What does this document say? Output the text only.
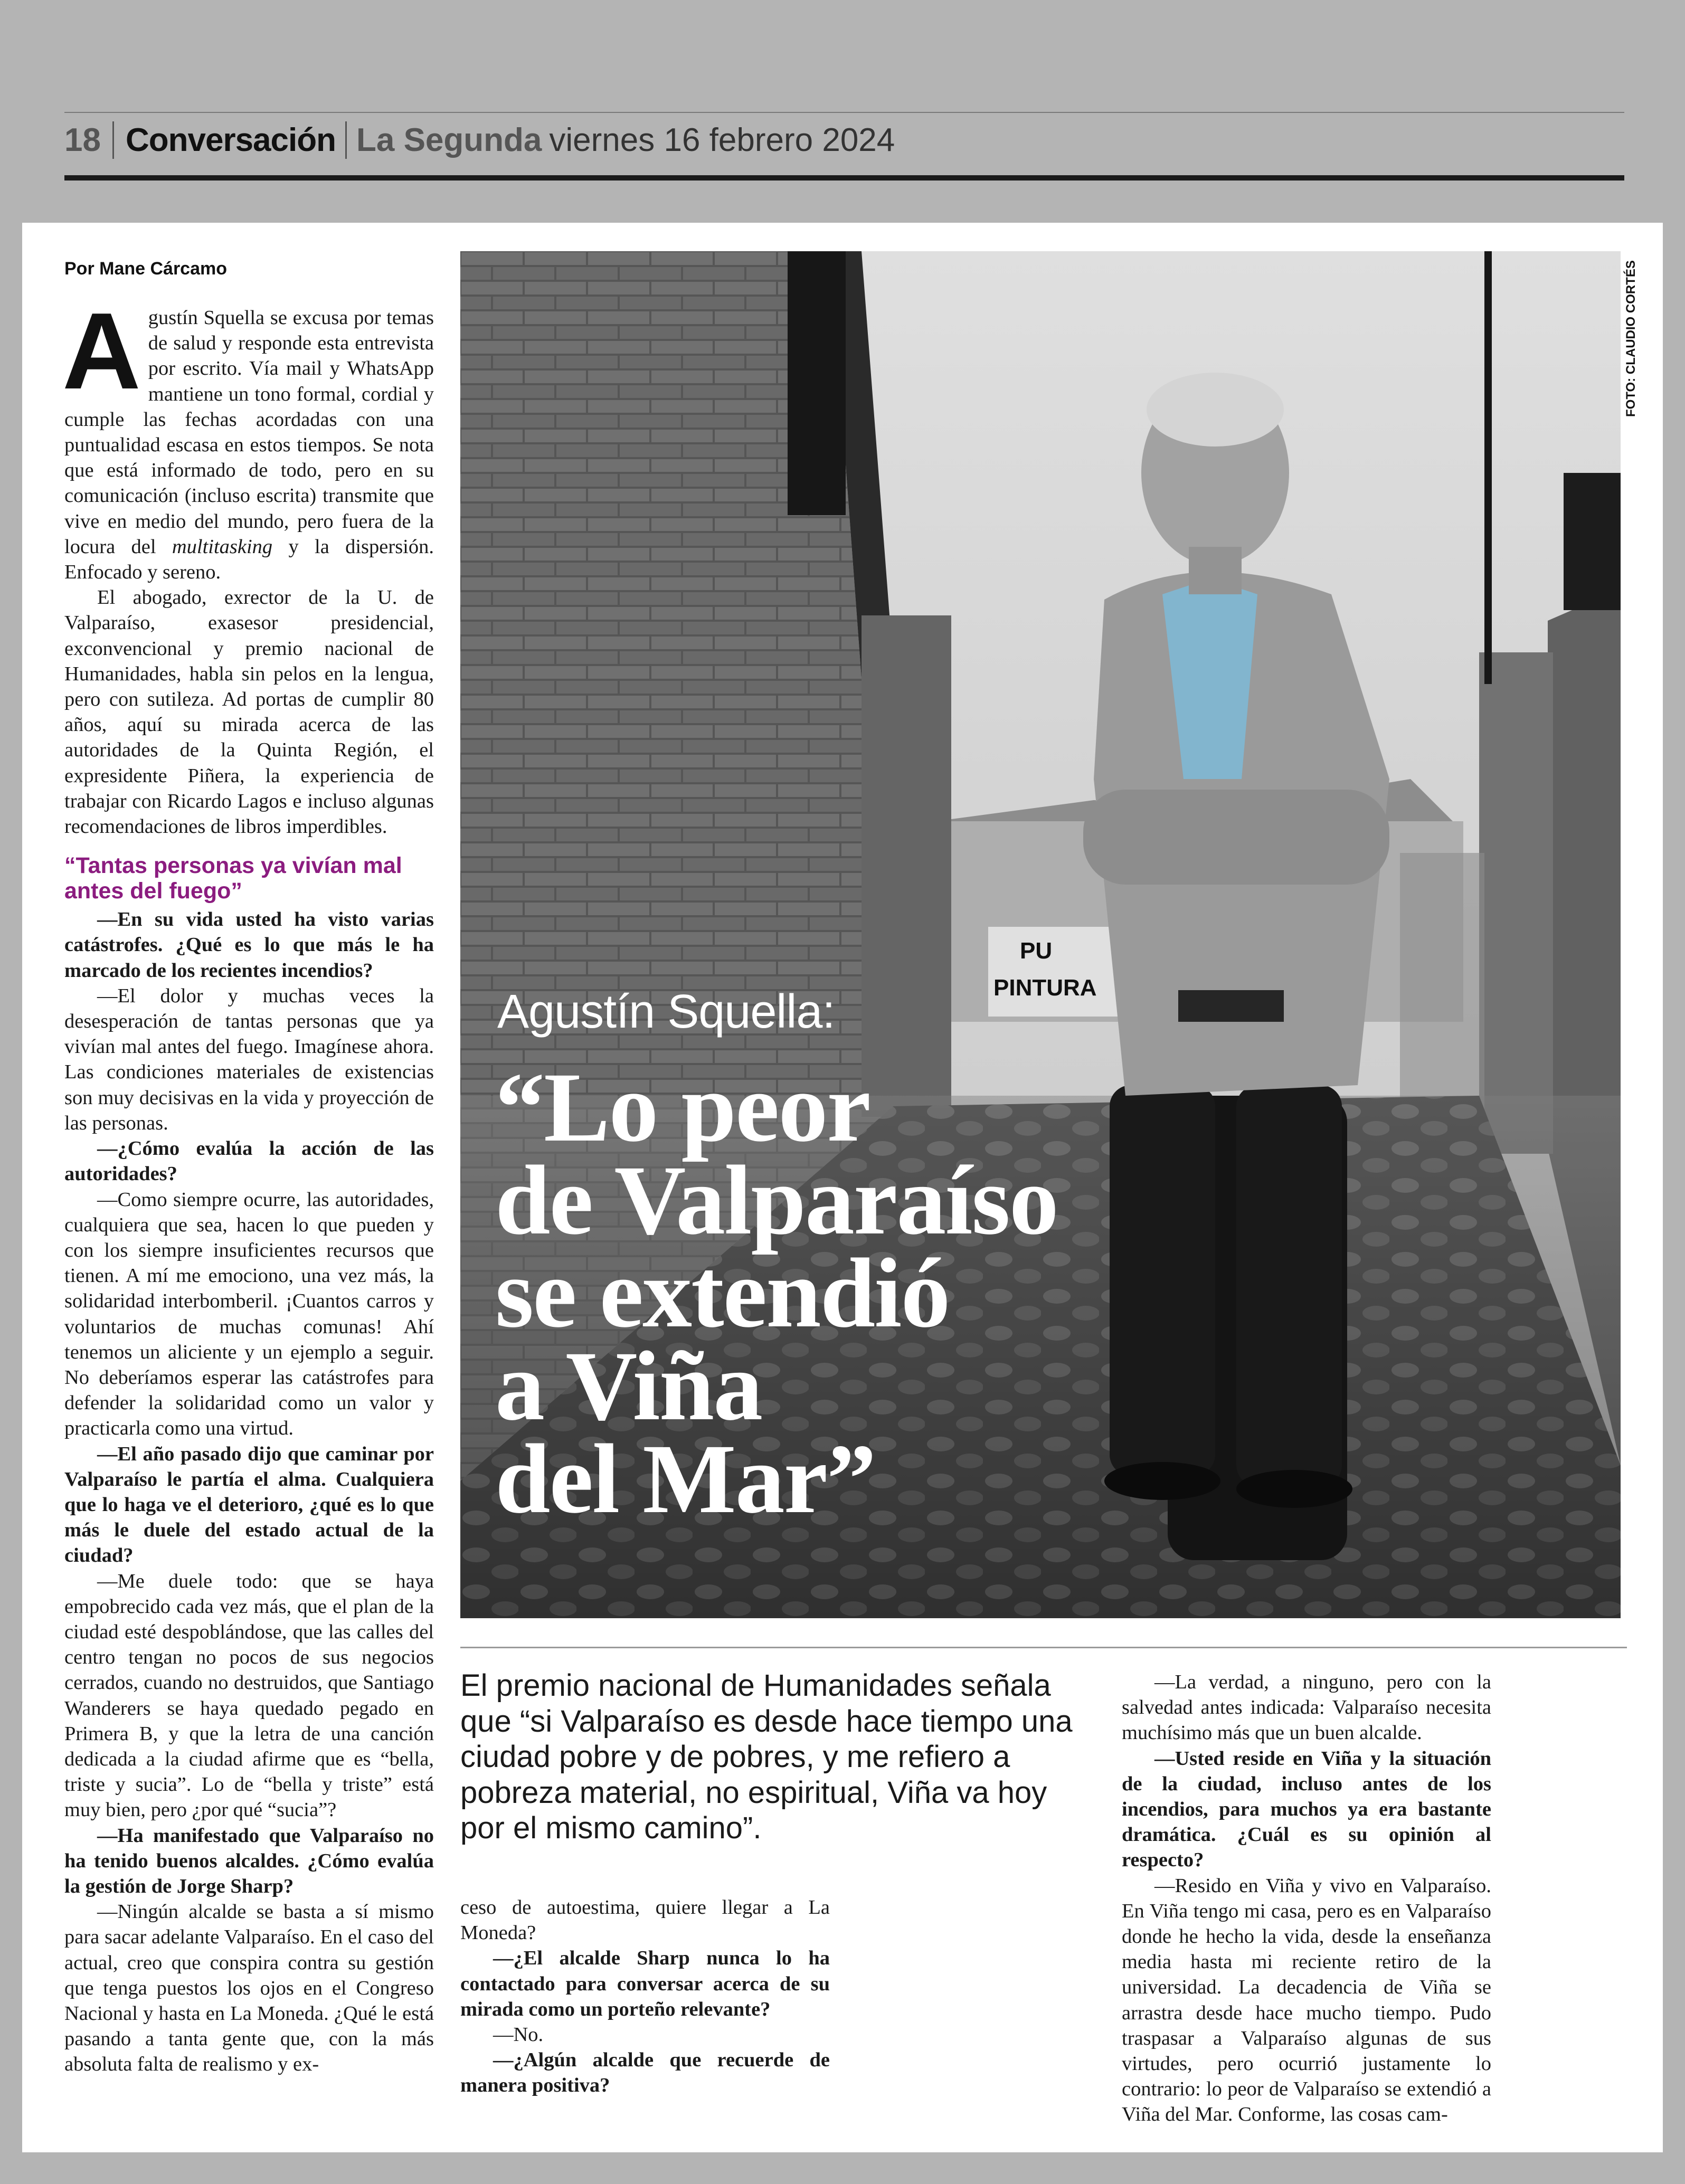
18 Conversación La Segunda viernes 16 febrero 2024
Por Mane Cárcamo

Agustín Squella se excusa por temas de salud y responde esta entrevista por escrito. Vía mail y WhatsApp mantiene un tono formal, cordial y cumple las fechas acordadas con una puntualidad escasa en estos tiempos. Se nota que está informado de todo, pero en su comunicación (incluso escrita) transmite que vive en medio del mundo, pero fuera de la locura del multitasking y la dispersión. Enfocado y sereno.

El abogado, exrector de la U. de Valparaíso, exasesor presidencial, exconvencional y premio nacional de Humanidades, habla sin pelos en la lengua, pero con sutileza. Ad portas de cumplir 80 años, aquí su mirada acerca de las autoridades de la Quinta Región, el expresidente Piñera, la experiencia de trabajar con Ricardo Lagos e incluso algunas recomendaciones de libros imperdibles.

“Tantas personas ya vivían mal antes del fuego”

—En su vida usted ha visto varias catástrofes. ¿Qué es lo que más le ha marcado de los recientes incendios?

—El dolor y muchas veces la desesperación de tantas personas que ya vivían mal antes del fuego. Imagínese ahora. Las condiciones materiales de existencias son muy decisivas en la vida y proyección de las personas.

—¿Cómo evalúa la acción de las autoridades?

—Como siempre ocurre, las autoridades, cualquiera que sea, hacen lo que pueden y con los siempre insuficientes recursos que tienen. A mí me emociono, una vez más, la solidaridad interbomberil. ¡Cuantos carros y voluntarios de muchas comunas! Ahí tenemos un aliciente y un ejemplo a seguir. No deberíamos esperar las catástrofes para defender la solidaridad como un valor y practicarla como una virtud.

—El año pasado dijo que caminar por Valparaíso le partía el alma. Cualquiera que lo haga ve el deterioro, ¿qué es lo que más le duele del estado actual de la ciudad?

—Me duele todo: que se haya empobrecido cada vez más, que el plan de la ciudad esté despoblándose, que las calles del centro tengan no pocos de sus negocios cerrados, cuando no destruidos, que Santiago Wanderers se haya quedado pegado en Primera B, y que la letra de una canción dedicada a la ciudad afirme que es “bella, triste y sucia”. Lo de “bella y triste” está muy bien, pero ¿por qué “sucia”?

—Ha manifestado que Valparaíso no ha tenido buenos alcaldes. ¿Cómo evalúa la gestión de Jorge Sharp?

—Ningún alcalde se basta a sí mismo para sacar adelante Valparaíso. En el caso del actual, creo que conspira contra su gestión que tenga puestos los ojos en el Congreso Nacional y hasta en La Moneda. ¿Qué le está pasando a tanta gente que, con la más absoluta falta de realismo y ex-

PU
PINTURA
FOTO: CLAUDIO CORTÉS
Agustín Squella:
“Lo peor
de Valparaíso
se extendió
a Viña
del Mar”
El premio nacional de Humanidades señala que “si Valparaíso es desde hace tiempo una ciudad pobre y de pobres, y me refiero a pobreza material, no espiritual, Viña va hoy por el mismo camino”.

ceso de autoestima, quiere llegar a La Moneda?

—¿El alcalde Sharp nunca lo ha contactado para conversar acerca de su mirada como un porteño relevante?

—No.

—¿Algún alcalde que recuerde de manera positiva?

—La verdad, a ninguno, pero con la salvedad antes indicada: Valparaíso necesita muchísimo más que un buen alcalde.

—Usted reside en Viña y la situación de la ciudad, incluso antes de los incendios, para muchos ya era bastante dramática. ¿Cuál es su opinión al respecto?

—Resido en Viña y vivo en Valparaíso. En Viña tengo mi casa, pero es en Valparaíso donde he hecho la vida, desde la enseñanza media hasta mi reciente retiro de la universidad. La decadencia de Viña se arrastra desde hace mucho tiempo. Pudo traspasar a Valparaíso algunas de sus virtudes, pero ocurrió justamente lo contrario: lo peor de Valparaíso se extendió a Viña del Mar. Conforme, las cosas cam-
